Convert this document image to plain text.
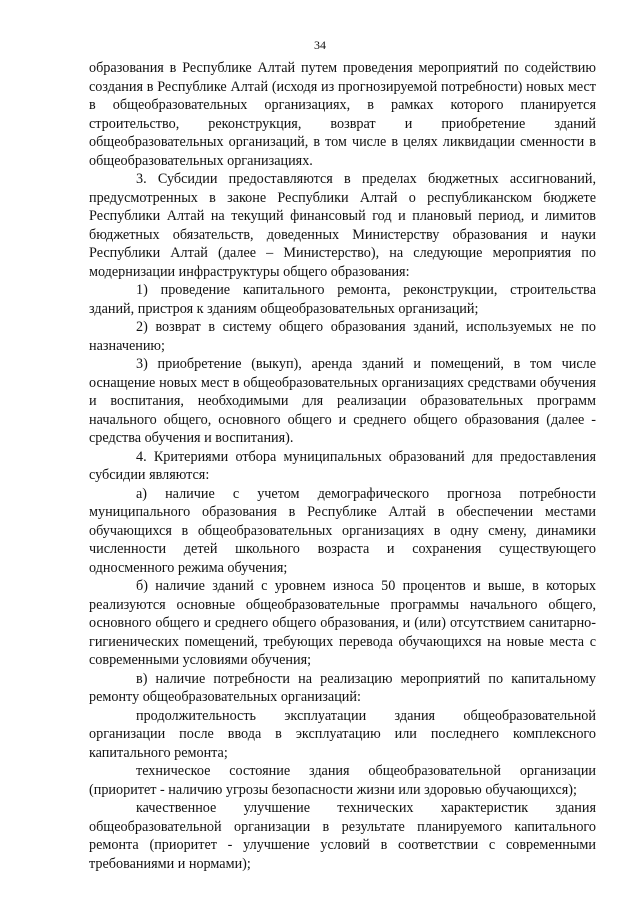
34

образования в Республике Алтай путем проведения мероприятий по содействию создания в Республике Алтай (исходя из прогнозируемой потребности) новых мест в общеобразовательных организациях, в рамках которого планируется строительство, реконструкция, возврат и приобретение зданий общеобразовательных организаций, в том числе в целях ликвидации сменности в общеобразовательных организациях.

3. Субсидии предоставляются в пределах бюджетных ассигнований, предусмотренных в законе Республики Алтай о республиканском бюджете Республики Алтай на текущий финансовый год и плановый период, и лимитов бюджетных обязательств, доведенных Министерству образования и науки Республики Алтай (далее – Министерство), на следующие мероприятия по модернизации инфраструктуры общего образования:

1) проведение капитального ремонта, реконструкции, строительства зданий, пристроя к зданиям общеобразовательных организаций;

2) возврат в систему общего образования зданий, используемых не по назначению;

3) приобретение (выкуп), аренда зданий и помещений, в том числе оснащение новых мест в общеобразовательных организациях средствами обучения и воспитания, необходимыми для реализации образовательных программ начального общего, основного общего и среднего общего образования (далее - средства обучения и воспитания).

4. Критериями отбора муниципальных образований для предоставления субсидии являются:

а) наличие с учетом демографического прогноза потребности муниципального образования в Республике Алтай в обеспечении местами обучающихся в общеобразовательных организациях в одну смену, динамики численности детей школьного возраста и сохранения существующего односменного режима обучения;

б) наличие зданий с уровнем износа 50 процентов и выше, в которых реализуются основные общеобразовательные программы начального общего, основного общего и среднего общего образования, и (или) отсутствием санитарно-гигиенических помещений, требующих перевода обучающихся на новые места с современными условиями обучения;

в) наличие потребности на реализацию мероприятий по капитальному ремонту общеобразовательных организаций:

продолжительность эксплуатации здания общеобразовательной организации после ввода в эксплуатацию или последнего комплексного капитального ремонта;

техническое состояние здания общеобразовательной организации (приоритет - наличию угрозы безопасности жизни или здоровью обучающихся);

качественное улучшение технических характеристик здания общеобразовательной организации в результате планируемого капитального ремонта (приоритет - улучшение условий в соответствии с современными требованиями и нормами);
